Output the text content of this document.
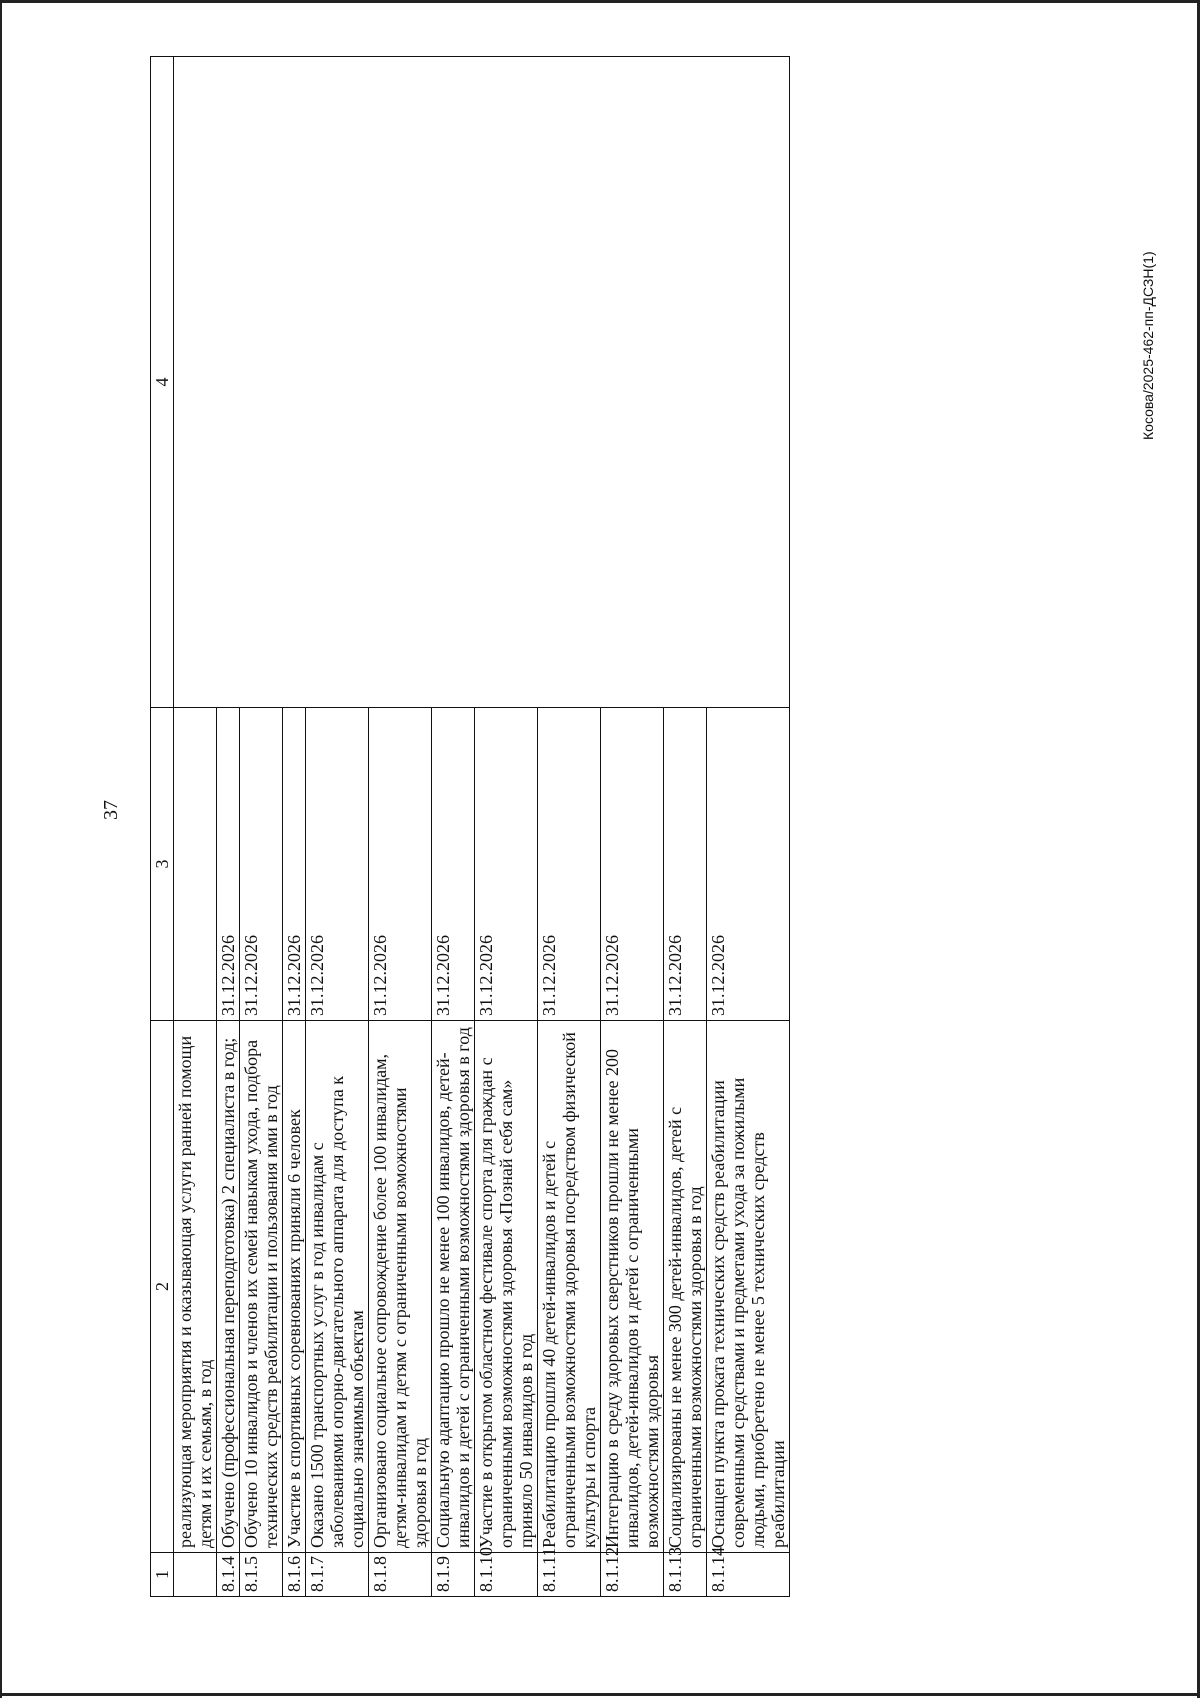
37
1	2	3	4
	реализующая мероприятия и оказывающая услуги ранней помощи детям и их семьям, в год		
8.1.4	Обучено (профессиональная переподготовка) 2 специалиста в год;	31.12.2026	
8.1.5	Обучено 10 инвалидов и членов их семей навыкам ухода, подбора технических средств реабилитации и пользования ими в год	31.12.2026	
8.1.6	Участие в спортивных соревнованиях приняли 6 человек	31.12.2026	
8.1.7	Оказано 1500 транспортных услуг в год инвалидам с заболеваниями опорно-двигательного аппарата для доступа к социально значимым объектам	31.12.2026	
8.1.8	Организовано социальное сопровождение более 100 инвалидам, детям-инвалидам и детям с ограниченными возможностями здоровья в год	31.12.2026	
8.1.9	Социальную адаптацию прошло не менее 100 инвалидов, детей-инвалидов и детей с ограниченными возможностями здоровья в год	31.12.2026	
8.1.10	Участие в открытом областном фестивале спорта для граждан с ограниченными возможностями здоровья «Познай себя сам» приняло 50 инвалидов в год	31.12.2026	
8.1.11	Реабилитацию прошли 40 детей-инвалидов и детей с ограниченными возможностями здоровья посредством физической культуры и спорта	31.12.2026	
8.1.12	Интеграцию в среду здоровых сверстников прошли не менее 200 инвалидов, детей-инвалидов и детей с ограниченными возможностями здоровья	31.12.2026	
8.1.13	Социализированы не менее 300 детей-инвалидов, детей с ограниченными возможностями здоровья в год	31.12.2026	
8.1.14	Оснащен пункта проката технических средств реабилитации современными средствами и предметами ухода за пожилыми людьми, приобретено не менее 5 технических средств реабилитации	31.12.2026	
Косова/2025-462-пп-ДСЗН(1)
